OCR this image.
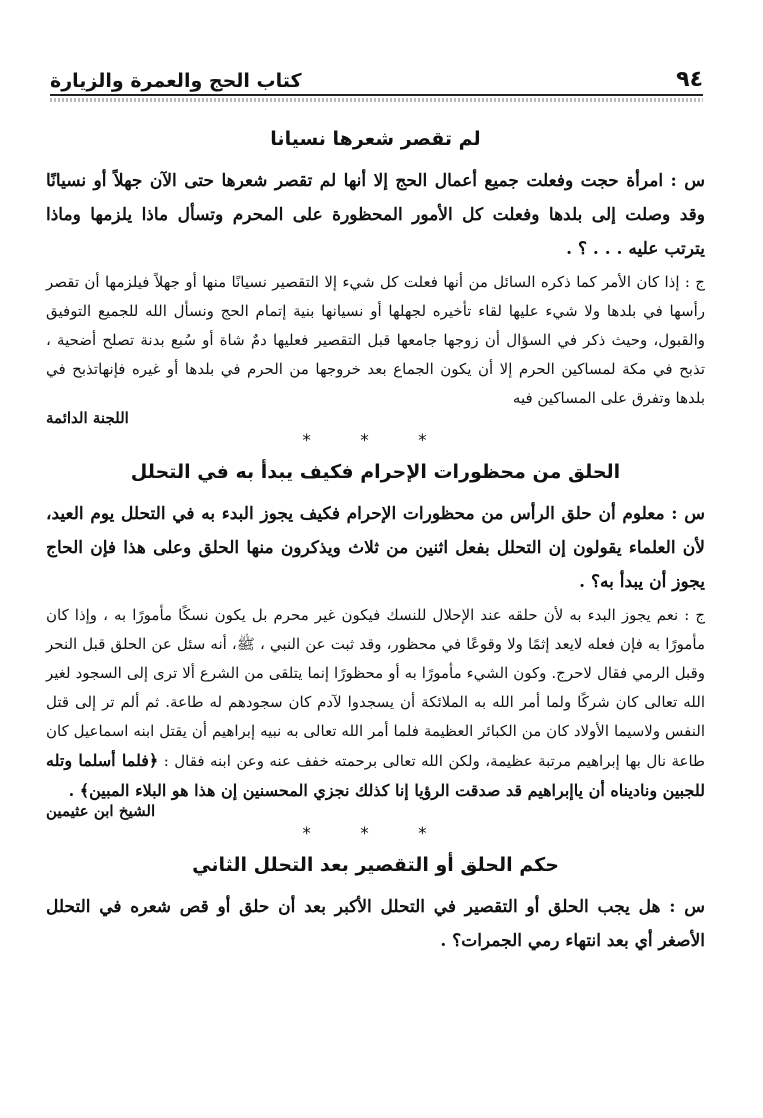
كتاب الحج والعمرة والزيارة	٩٤
لم تقصر شعرها نسيانا

س : امرأة حجت وفعلت جميع أعمال الحج إلا أنها لم تقصر شعرها حتى الآن جهلاً أو نسيانًا وقد وصلت إلى بلدها وفعلت كل الأمور المحظورة على المحرم وتسأل ماذا يلزمها وماذا يترتب عليه . . . ؟ .

ج : إذا كان الأمر كما ذكره السائل من أنها فعلت كل شيء إلا التقصير نسيانًا منها أو جهلاً فيلزمها أن تقصر رأسها في بلدها ولا شيء عليها لقاء تأخيره لجهلها أو نسيانها بنية إتمام الحج ونسأل الله للجميع التوفيق والقبول، وحيث ذكر في السؤال أن زوجها جامعها قبل التقصير فعليها دمٌ شاة أو سُبع بدنة تصلح أضحية ، تذبح في مكة لمساكين الحرم إلا أن يكون الجماع بعد خروجها من الحرم في بلدها أو غيره فإنهاتذبح في بلدها وتفرق على المساكين فيه

اللجنة الدائمة
* * *
الحلق من محظورات الإحرام فكيف يبدأ به في التحلل

س : معلوم أن حلق الرأس من محظورات الإحرام فكيف يجوز البدء به في التحلل يوم العيد، لأن العلماء يقولون إن التحلل بفعل اثنين من ثلاث ويذكرون منها الحلق وعلى هذا فإن الحاج يجوز أن يبدأ به؟ .

ج : نعم يجوز البدء به لأن حلقه عند الإحلال للنسك فيكون غير محرم بل يكون نسكًا مأمورًا به ، وإذا كان مأمورًا به فإن فعله لايعد إثمًا ولا وقوعًا في محظور، وقد ثبت عن النبي ، ﷺ، أنه سئل عن الحلق قبل النحر وقبل الرمي فقال لاحرج. وكون الشيء مأمورًا به أو محظورًا إنما يتلقى من الشرع ألا ترى إلى السجود لغير الله تعالى كان شركًا ولما أمر الله به الملائكة أن يسجدوا لآدم كان سجودهم له طاعة. ثم ألم تر إلى قتل النفس ولاسيما الأولاد كان من الكبائر العظيمة فلما أمر الله تعالى به نبيه إبراهيم أن يقتل ابنه اسماعيل كان طاعة نال بها إبراهيم مرتبة عظيمة، ولكن الله تعالى برحمته خفف عنه وعن ابنه فقال : ﴿فلما أسلما وتله للجبين وناديناه أن ياإبراهيم قد صدقت الرؤيا إنا كذلك نجزي المحسنين إن هذا هو البلاء المبين﴾ .

الشيخ ابن عثيمين
* * *
حكم الحلق أو التقصير بعد التحلل الثاني

س : هل يجب الحلق أو التقصير في التحلل الأكبر بعد أن حلق أو قص شعره في التحلل الأصغر أي بعد انتهاء رمي الجمرات؟ .
